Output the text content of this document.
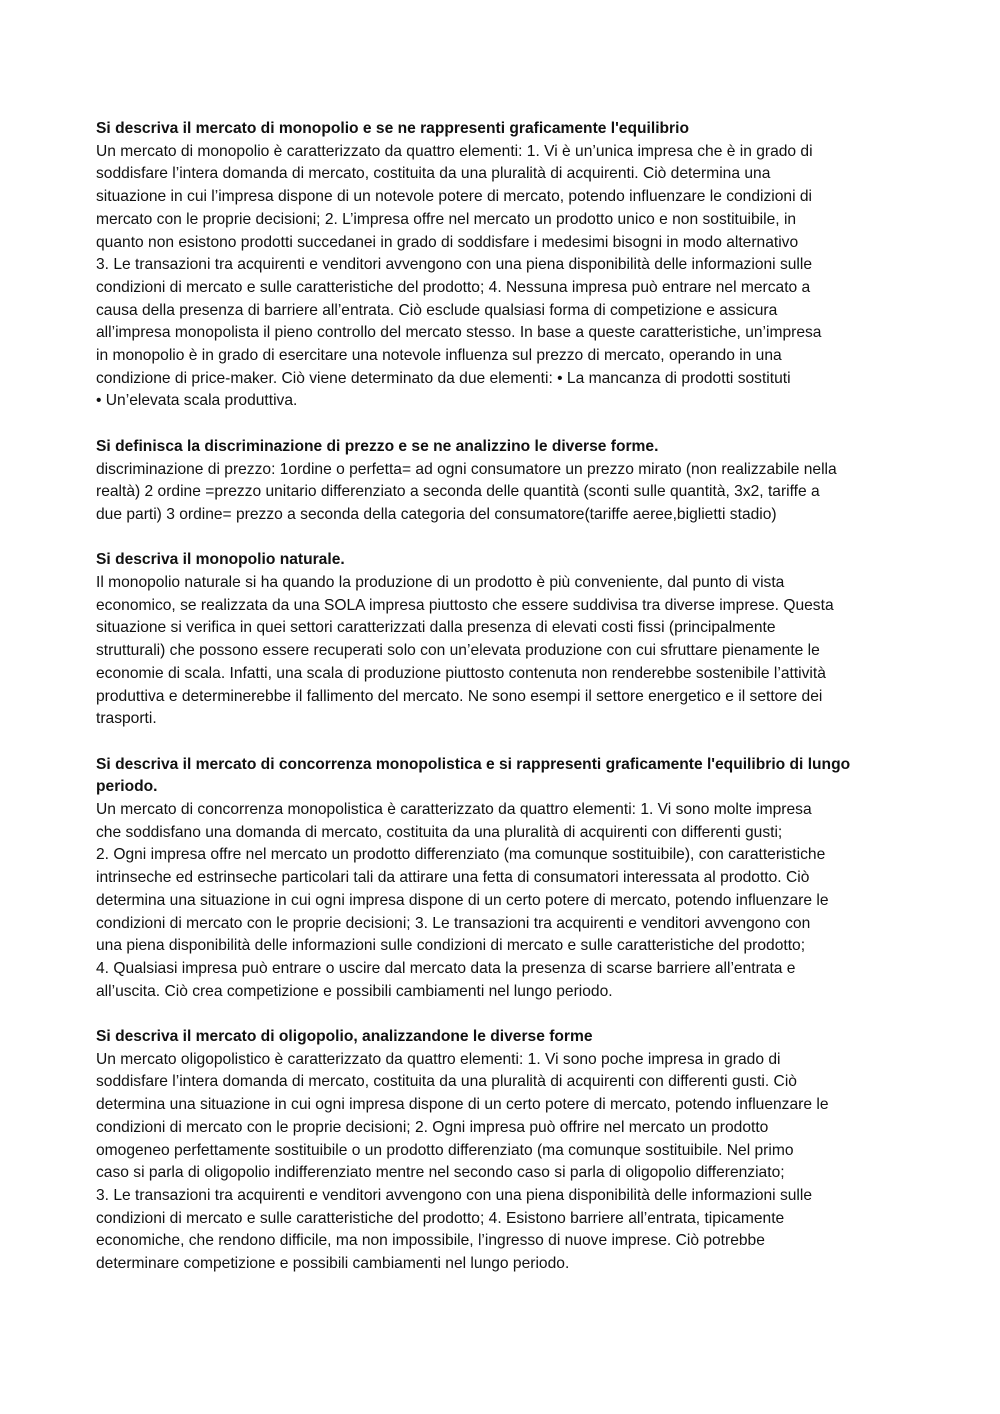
Si descriva il mercato di monopolio e se ne rappresenti graficamente l'equilibrio

Un mercato di monopolio è caratterizzato da quattro elementi: 1. Vi è un’unica impresa che è in grado di
soddisfare l’intera domanda di mercato, costituita da una pluralità di acquirenti. Ciò determina una
situazione in cui l’impresa dispone di un notevole potere di mercato, potendo influenzare le condizioni di
mercato con le proprie decisioni; 2. L’impresa offre nel mercato un prodotto unico e non sostituibile, in
quanto non esistono prodotti succedanei in grado di soddisfare i medesimi bisogni in modo alternativo
3. Le transazioni tra acquirenti e venditori avvengono con una piena disponibilità delle informazioni sulle
condizioni di mercato e sulle caratteristiche del prodotto; 4. Nessuna impresa può entrare nel mercato a
causa della presenza di barriere all’entrata. Ciò esclude qualsiasi forma di competizione e assicura
all’impresa monopolista il pieno controllo del mercato stesso. In base a queste caratteristiche, un’impresa
in monopolio è in grado di esercitare una notevole influenza sul prezzo di mercato, operando in una
condizione di price-maker. Ciò viene determinato da due elementi: • La mancanza di prodotti sostituti
• Un’elevata scala produttiva.

Si definisca la discriminazione di prezzo e se ne analizzino le diverse forme.

discriminazione di prezzo: 1ordine o perfetta= ad ogni consumatore un prezzo mirato (non realizzabile nella
realtà) 2 ordine =prezzo unitario differenziato a seconda delle quantità (sconti sulle quantità, 3x2, tariffe a
due parti) 3 ordine= prezzo a seconda della categoria del consumatore(tariffe aeree,biglietti stadio)

Si descriva il monopolio naturale.

Il monopolio naturale si ha quando la produzione di un prodotto è più conveniente, dal punto di vista
economico, se realizzata da una SOLA impresa piuttosto che essere suddivisa tra diverse imprese. Questa
situazione si verifica in quei settori caratterizzati dalla presenza di elevati costi fissi (principalmente
strutturali) che possono essere recuperati solo con un’elevata produzione con cui sfruttare pienamente le
economie di scala. Infatti, una scala di produzione piuttosto contenuta non renderebbe sostenibile l’attività
produttiva e determinerebbe il fallimento del mercato. Ne sono esempi il settore energetico e il settore dei
trasporti.

Si descriva il mercato di concorrenza monopolistica e si rappresenti graficamente l'equilibrio di lungo
periodo.

Un mercato di concorrenza monopolistica è caratterizzato da quattro elementi: 1. Vi sono molte impresa
che soddisfano una domanda di mercato, costituita da una pluralità di acquirenti con differenti gusti;
2. Ogni impresa offre nel mercato un prodotto differenziato (ma comunque sostituibile), con caratteristiche
intrinseche ed estrinseche particolari tali da attirare una fetta di consumatori interessata al prodotto. Ciò
determina una situazione in cui ogni impresa dispone di un certo potere di mercato, potendo influenzare le
condizioni di mercato con le proprie decisioni; 3. Le transazioni tra acquirenti e venditori avvengono con
una piena disponibilità delle informazioni sulle condizioni di mercato e sulle caratteristiche del prodotto;
4. Qualsiasi impresa può entrare o uscire dal mercato data la presenza di scarse barriere all’entrata e
all’uscita. Ciò crea competizione e possibili cambiamenti nel lungo periodo.

Si descriva il mercato di oligopolio, analizzandone le diverse forme

Un mercato oligopolistico è caratterizzato da quattro elementi: 1. Vi sono poche impresa in grado di
soddisfare l’intera domanda di mercato, costituita da una pluralità di acquirenti con differenti gusti. Ciò
determina una situazione in cui ogni impresa dispone di un certo potere di mercato, potendo influenzare le
condizioni di mercato con le proprie decisioni; 2. Ogni impresa può offrire nel mercato un prodotto
omogeneo perfettamente sostituibile o un prodotto differenziato (ma comunque sostituibile. Nel primo
caso si parla di oligopolio indifferenziato mentre nel secondo caso si parla di oligopolio differenziato;
3. Le transazioni tra acquirenti e venditori avvengono con una piena disponibilità delle informazioni sulle
condizioni di mercato e sulle caratteristiche del prodotto; 4. Esistono barriere all’entrata, tipicamente
economiche, che rendono difficile, ma non impossibile, l’ingresso di nuove imprese. Ciò potrebbe
determinare competizione e possibili cambiamenti nel lungo periodo.
